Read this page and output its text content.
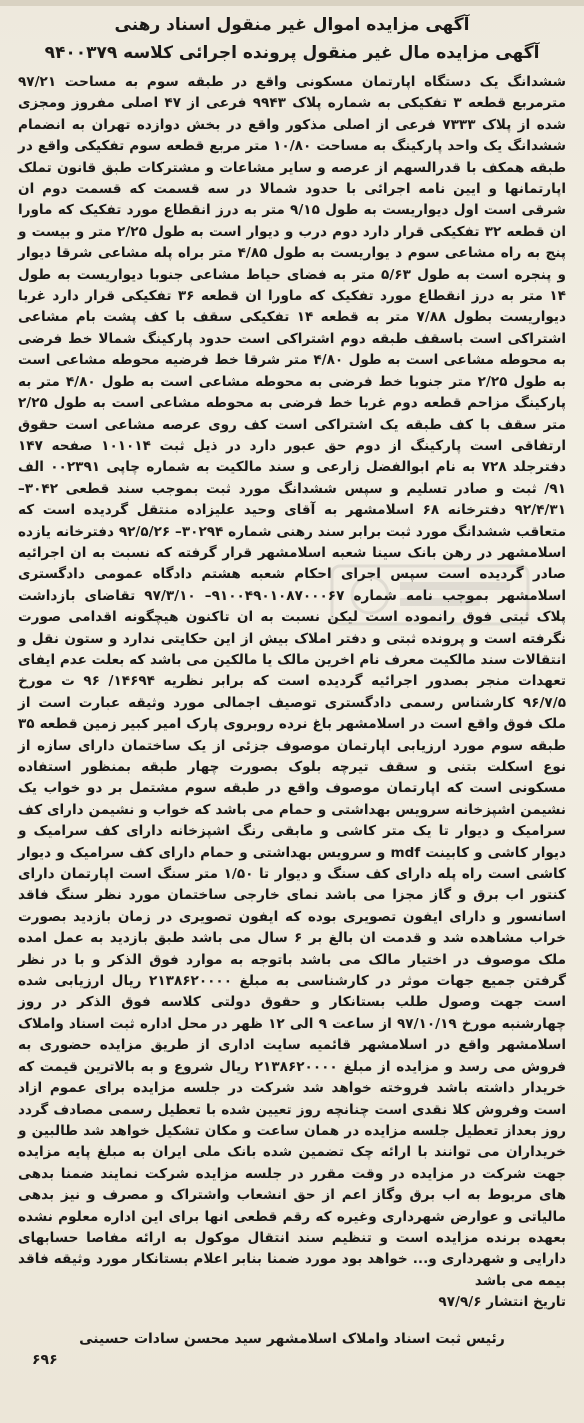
آگهی مزایده اموال غیر منقول اسناد رهنی
آگهی مزایده مال غیر منقول پرونده اجرائی کلاسه ۹۴۰۰۳۷۹

ششدانگ یک دستگاه اپارتمان مسکونی واقع در طبقه سوم به مساحت ۹۷/۲۱ مترمربع قطعه ۳ تفکیکی به شماره پلاک ۹۹۴۳ فرعی از ۴۷ اصلی مفروز ومجزی شده از پلاک ۷۳۳۳ فرعی از اصلی مذکور واقع در بخش دوازده تهران به انضمام ششدانگ یک واحد پارکینگ به مساحت ۱۰/۸۰ متر مربع قطعه سوم تفکیکی واقع در طبقه همکف با قدرالسهم از عرصه و سایر مشاعات و مشترکات طبق قانون تملک اپارتمانها و ایین نامه اجرائی با حدود شمالا در سه قسمت که قسمت دوم ان شرقی است اول دیواریست به طول ۹/۱۵ متر به درز انقطاع مورد تفکیک که ماورا ان قطعه ۳۲ تفکیکی قرار دارد دوم درب و دیوار است به طول ۲/۲۵ متر و بیست و پنج به راه مشاعی سوم د یواریست به طول ۴/۸۵ متر براه پله مشاعی شرقا دیوار و پنجره است به طول ۵/۶۳ متر به فضای حیاط مشاعی جنوبا دیواریست به طول ۱۴ متر به درز انقطاع مورد تفکیک که ماورا ان قطعه ۳۶ تفکیکی قرار دارد غربا دیواریست بطول ۷/۸۸ متر به قطعه ۱۴ تفکیکی سقف با کف پشت بام مشاعی اشتراکی است باسقف طبقه دوم اشتراکی است حدود پارکینگ شمالا خط فرضی به محوطه مشاعی است به طول ۴/۸۰ متر شرقا خط فرضیه محوطه مشاعی است به طول ۲/۲۵ متر جنوبا خط فرضی به محوطه مشاعی است به طول ۴/۸۰ متر به پارکینگ مزاحم قطعه دوم غربا خط فرضی به محوطه مشاعی است به طول ۲/۲۵ متر سقف با کف طبقه یک اشتراکی است کف روی عرصه مشاعی است حقوق ارتفاقی است پارکینگ از دوم حق عبور دارد در ذیل ثبت ۱۰۱۰۱۴ صفحه ۱۴۷ دفترجلد ۷۲۸ به نام ابوالفضل زارعی و سند مالکیت به شماره چاپی ۰۰۲۳۹۱ الف ۹۱/ ثبت و صادر تسلیم و سپس ششدانگ مورد ثبت بموجب سند قطعی ۳۰۴۲– ۹۲/۴/۳۱ دفترخانه ۶۸ اسلامشهر به آقای وحید علیزاده منتقل گردیده است که متعاقب ششدانگ مورد ثبت برابر سند رهنی شماره ۳۰۲۹۴– ۹۲/۵/۲۶ دفترخانه یازده اسلامشهر در رهن بانک سینا شعبه اسلامشهر قرار گرفته که نسبت به ان اجرائیه صادر گردیده است سپس اجرای احکام شعبه هشتم دادگاه عمومی دادگستری اسلامشهر بموجب نامه شماره ۹۱۰۰۴۹۰۱۰۸۷۰۰۰۶۷– ۹۷/۳/۱۰ تقاضای بازداشت پلاک ثبتی فوق رانموده است لیکن نسبت به ان تاکنون هیچگونه اقدامی صورت نگرفته است و پرونده ثبتی و دفتر املاک بیش از این حکایتی ندارد و ستون نقل و انتقالات سند مالکیت معرف نام اخرین مالک یا مالکین می باشد که بعلت عدم ایفای تعهدات منجر بصدور اجرائیه گردیده است که برابر نظریه ۱۴۶۹۴/ ۹۶ ت مورخ ۹۶/۷/۵ کارشناس رسمی دادگستری توصیف اجمالی مورد وثیقه عبارت است از ملک فوق واقع است در اسلامشهر باغ نرده روبروی پارک امیر کبیر زمین قطعه ۳۵ طبقه سوم مورد ارزیابی اپارتمان موصوف جزئی از یک ساختمان دارای سازه از نوع اسکلت بتنی و سقف تیرچه بلوک بصورت چهار طبقه بمنظور استفاده مسکونی است که اپارتمان موصوف واقع در طبقه سوم مشتمل بر دو خواب یک نشیمن اشپزخانه سرویس بهداشتی و حمام می باشد که خواب و نشیمن دارای کف سرامیک و دیوار تا یک متر کاشی و مابقی رنگ اشپزخانه دارای کف سرامیک و دیوار کاشی و کابینت mdf و سرویس بهداشتی و حمام دارای کف سرامیک و دیوار کاشی است راه پله دارای کف سنگ و دیوار تا ۱/۵۰ متر سنگ است اپارتمان دارای کنتور اب برق و گاز مجزا می باشد نمای خارجی ساختمان مورد نظر سنگ فاقد اسانسور و دارای ایفون تصویری بوده که ایفون تصویری در زمان بازدید بصورت خراب مشاهده شد و قدمت ان بالغ بر ۶ سال می باشد طبق بازدید به عمل امده ملک موصوف در اختیار مالک می باشد باتوجه به موارد فوق الذکر و با در نظر گرفتن جمیع جهات موثر در کارشناسی به مبلغ ۲۱۳۸۶۲۰۰۰۰ ریال ارزیابی شده است جهت وصول طلب بستانکار و حقوق دولتی کلاسه فوق الذکر در روز چهارشنبه مورخ ۹۷/۱۰/۱۹ از ساعت ۹ الی ۱۲ ظهر در محل اداره ثبت اسناد واملاک اسلامشهر واقع در اسلامشهر قائمیه سایت اداری از طریق مزایده حضوری به فروش می رسد و مزایده از مبلغ ۲۱۳۸۶۲۰۰۰۰ ریال شروع و به بالاترین قیمت که خریدار داشته باشد فروخته خواهد شد شرکت در جلسه مزایده برای عموم ازاد است وفروش کلا نقدی است چنانچه روز تعیین شده با تعطیل رسمی مصادف گردد روز بعداز تعطیل جلسه مزایده در همان ساعت و مکان تشکیل خواهد شد طالبین و خریداران می توانند با ارائه چک تضمین شده بانک ملی ایران به مبلغ پایه مزایده جهت شرکت در مزایده در وقت مقرر در جلسه مزایده شرکت نمایند ضمنا بدهی های مربوط به اب برق وگاز اعم از حق انشعاب واشتراک و مصرف و نیز بدهی مالیاتی و عوارض شهرداری وغیره که رقم قطعی انها برای این اداره معلوم نشده بعهده برنده مزایده است و تنظیم سند انتقال موکول به ارائه مفاصا حسابهای دارایی و شهرداری و... خواهد بود مورد ضمنا بنابر اعلام بستانکار مورد وثیقه فاقد بیمه می باشد

تاریخ انتشار ۹۷/۹/۶

رئیس ثبت اسناد واملاک اسلامشهر سید محسن سادات حسینی
۶۹۶
